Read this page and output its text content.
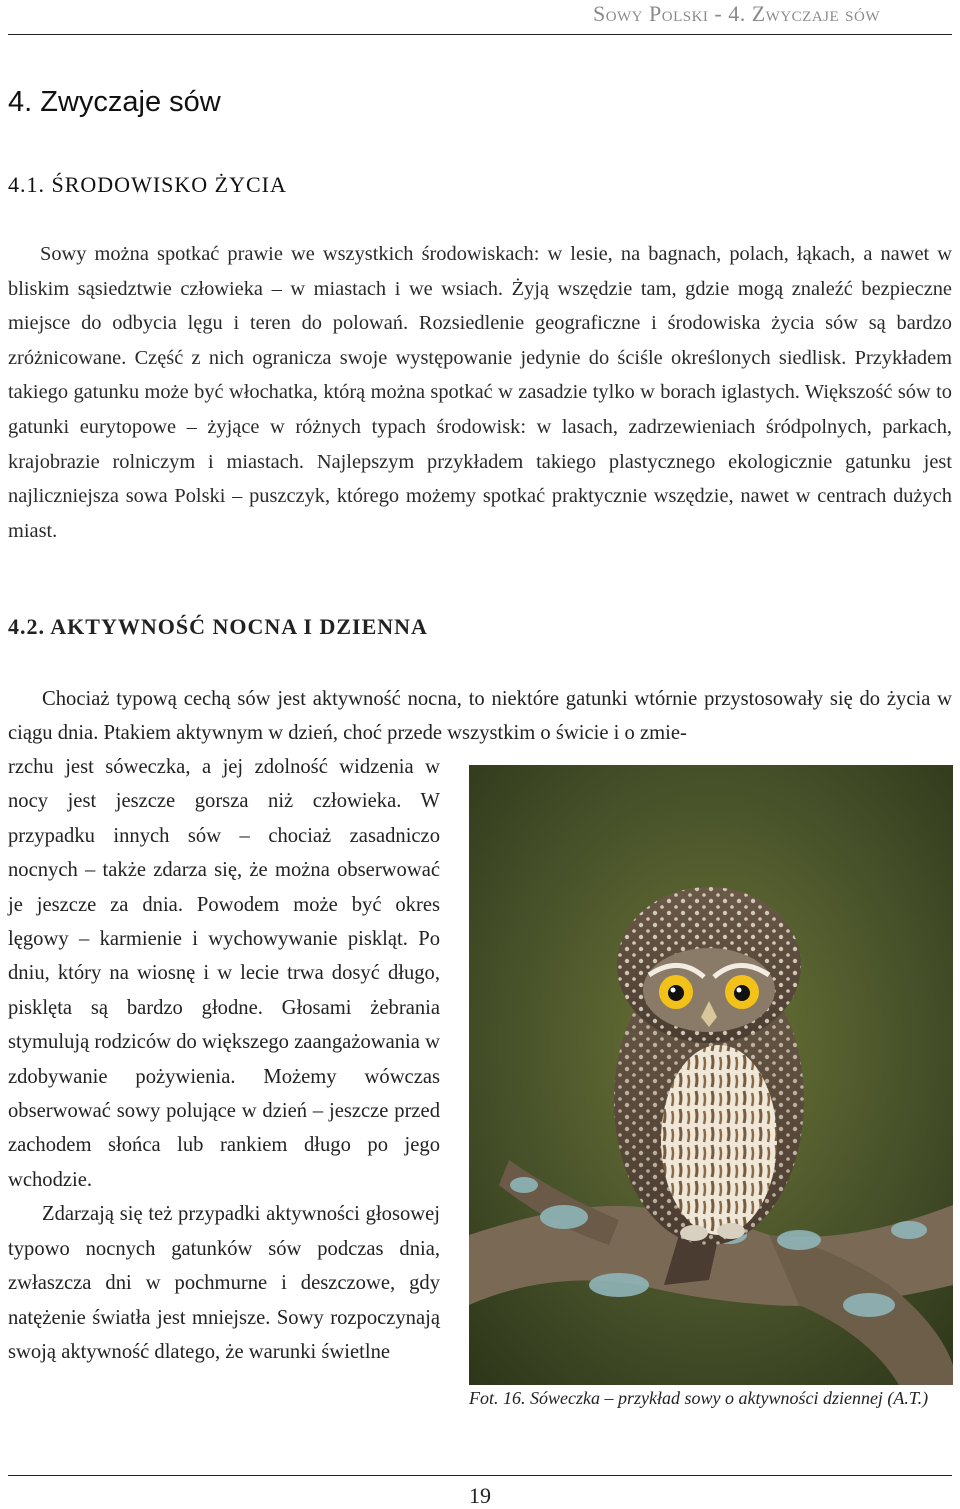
Sowy Polski - 4. Zwyczaje sów
4. Zwyczaje sów
4.1. ŚRODOWISKO ŻYCIA

Sowy można spotkać prawie we wszystkich środowiskach: w lesie, na bagnach, polach, łąkach, a nawet w bliskim sąsiedztwie człowieka – w miastach i we wsiach. Żyją wszędzie tam, gdzie mogą znaleźć bezpieczne miejsce do odbycia lęgu i teren do polowań. Rozsiedlenie geograficzne i środowiska życia sów są bardzo zróżnicowane. Część z nich ogranicza swoje występowanie jedynie do ściśle określonych siedlisk. Przykładem takiego gatunku może być włochatka, którą można spotkać w zasadzie tylko w borach iglastych. Większość sów to gatunki eurytopowe – żyjące w różnych typach środowisk: w lasach, zadrzewieniach śródpolnych, parkach, krajobrazie rolniczym i miastach. Najlepszym przykładem takiego plastycznego ekologicznie gatunku jest najliczniejsza sowa Polski – puszczyk, którego możemy spotkać praktycznie wszędzie, nawet w centrach dużych miast.

4.2. AKTYWNOŚĆ NOCNA I DZIENNA

Chociaż typową cechą sów jest aktywność nocna, to niektóre gatunki wtórnie przystosowały się do życia w ciągu dnia. Ptakiem aktywnym w dzień, choć przede wszystkim o świcie i o zmie-

rzchu jest sóweczka, a jej zdolność widzenia w nocy jest jeszcze gorsza niż człowieka. W przypadku innych sów – chociaż zasadniczo nocnych – także zdarza się, że można obserwować je jeszcze za dnia. Powodem może być okres lęgowy – karmienie i wychowywanie piskląt. Po dniu, który na wiosnę i w lecie trwa dosyć długo, pisklęta są bardzo głodne. Głosami żebrania stymulują rodziców do większego zaangażowania w zdobywanie pożywienia. Możemy wówczas obserwować sowy polujące w dzień – jeszcze przed zachodem słońca lub rankiem długo po jego wchodzie.

Zdarzają się też przypadki aktywności głosowej typowo nocnych gatunków sów podczas dnia, zwłaszcza dni w pochmurne i deszczowe, gdy natężenie światła jest mniejsze. Sowy rozpoczynają swoją aktywność dlatego, że warunki świetlne

Fot. 16. Sóweczka – przykład sowy o aktywności dziennej (A.T.)

19
